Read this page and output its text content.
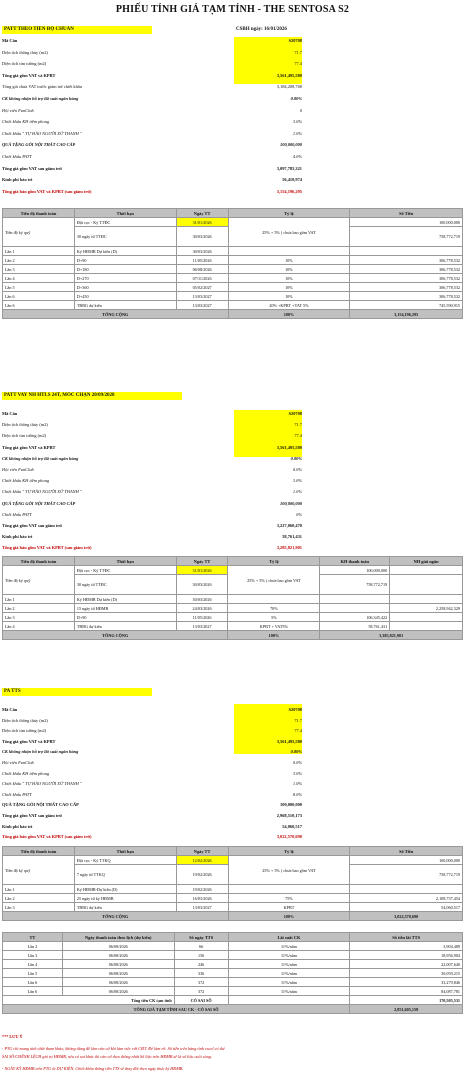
PHIẾU TÍNH GIÁ TẠM TÍNH - THE SENTOSA S2
PATT THEO TIẾN ĐỘ CHUẨN	CSBH ngày: 16/01/2026
Mã Căn	S20708
Diện tích thông thủy (m2)	71.7
Diện tích tim tường (m2)	77.4
Tổng giá gồm VAT và KPBT	3,561,495,580
Tổng giá chưa VAT trước giảm trừ chiết khấu	3,184,208,768
CK không nhận hỗ trợ lãi suất ngân hàng	0.80%
Hội viên FunClub	0
Chiết khấu KH tiềm phong	3.0%
Chiết khấu " TỰ HÀO NGƯỜI XỨ THANH "	1.0%
QUÀ TẶNG GÓI NỘI THẤT CAO CẤP	100,000,000
Chiết khấu PATT	4.0%
Tổng giá gồm VAT sau giảm trừ	3,097,785,321
Kinh phí bảo trì	56,410,974
Tổng giá bán gồm VAT và KPBT (sau giảm trừ)	3,154,196,295
Tiến độ thanh toán	Thời hạn	Ngày TT	Tỷ lệ	Số Tiền
Tiền độ ký quỹ	Đặt cọc - Ký TTĐC	31/01/2026	25% + 5% ( chưa bao gồm VAT	100,000,000
	30 ngày từ TTĐC	30/03/2026		758,772,719
Lần 1	Ký HĐMB Dự kiến (D)	30/03/2026		
Lần 2	D+90	11/05/2026	10%	306,778,532
Lần 3	D+180	06/08/2026	10%	306,778,532
Lần 4	D+270	07/11/2026	10%	306,778,532
Lần 5	D+360	05/02/2027	10%	306,778,532
Lần 6	D+450	13/03/2027	10%	306,778,532
Lần 6	TBBG dự kiến	13/03/2027	20% +KPBT +VAT 5%	745,590,915
TỔNG CỘNG			100%	3,154,196,295
PATT VAY NH HTLS 24T, MỐC CHẶN 20/09/2028
Mã Căn	S20708
Diện tích thông thủy (m2)	71.7
Diện tích tim tường (m2)	77.4
Tổng giá gồm VAT và KPBT	3,561,495,580
CK không nhận hỗ trợ lãi suất ngân hàng	0.80%
Hội viên FunClub	0.0%
Chiết khấu KH tiềm phong	3.0%
Chiết khấu " TỰ HÀO NGƯỜI XỨ THANH "	1.0%
QUÀ TẶNG GÓI NỘI THẤT CAO CẤP	100,000,000
Chiết khấu PATT	0%
Tổng giá gồm VAT sau giảm trừ	3,227,060,470
Kinh phí bảo trì	58,761,431
Tổng giá bán gồm VAT và KPBT (sau giảm trừ)	3,285,821,901
Tiến độ thanh toán	Thời hạn	Ngày TT	Tỷ lệ	KH thanh toán	NH giải ngân
Tiền độ ký quỹ	Đặt cọc - Ký TTĐC	31/01/2026	25% + 5% ( chưa bao gồm VAT	100,000,000	
	30 ngày từ TTĐC	30/03/2026		758,772,719	
Lần 1	Ký HĐMB Dự kiến (D)	30/03/2026			
Lần 2	15 ngày từ HĐMB	24/03/2026	70%		2,258,942,329
Lần 3	D+90	11/05/2026	5%	106,345,422	
Lần 4	TBBG dự kiến	13/03/2027	KPBT + VAT5%	58,761,431	
TỔNG CỘNG			100%	3,385,821,901	
PA TTS
Mã Căn	S20708
Diện tích thông thủy (m2)	71.7
Diện tích tim tường (m2)	77.4
Tổng giá gồm VAT và KPBT	3,561,495,580
CK không nhận hỗ trợ lãi suất ngân hàng	0.80%
Hội viên FunClub	0.0%
Chiết khấu KH tiềm phong	3.0%
Chiết khấu " TỰ HÀO NGƯỜI XỨ THANH "	1.0%
Chiết khấu PATT	8.0%
QUÀ TẶNG GÓI NỘI THẤT CAO CẤP	100,000,000
Tổng giá gồm VAT sau giảm trừ	2,968,510,173
Kinh phí bảo trì	54,060,517
Tổng giá bán gồm VAT và KPBT (sau giảm trừ)	3,022,570,690
Tiến độ thanh toán	Thời hạn	Ngày TT	Tỷ lệ	Số Tiền
Tiền độ ký quỹ	Đặt cọc - Ký TTKQ	12/02/2026	25% + 5% ( chưa bao gồm VAT	100,000,000
	7 ngày từ TTKQ	19/02/2026		758,772,719
Lần 1	Ký HĐMB-Dự kiến (D)	19/02/2026		
Lần 2	25 ngày từ ký HĐMB	16/03/2026	75%	2,108,737,454
Lần 3	TBBG dự kiến	13/03/2027	KPBT	54,060,517
TỔNG CỘNG			100%	3,022,570,690
TT	Ngày thanh toán theo lịch (dự kiến)	Số ngày TTS	Lãi suất CK	Số tiền lãi TTS
Lần 2	06/08/2026	66	11%/năm	3,904,489
Lần 3	06/08/2026	156	11%/năm	18,956,904
Lần 4	06/08/2026	246	11%/năm	22,007,640
Lần 5	06/08/2026	336	11%/năm	30,059,215
Lần 6	06/08/2026	372	11%/năm	33,279,846
Lần 6	06/08/2026	372	11%/năm	84,087,781
Tổng tiền CK tạm tính		CÓ SAI SỐ		170,505,531
TỔNG GIÁ TẠM TÍNH SAU CK - CÓ SAI SỐ				2,851,605,158
*** LƯU Ý
- PTG chỉ mang tính chất tham khảo, không dùng để làm căn cứ khi làm việc với CĐT. Để làm rõ: Số tiền trên bảng tính excel có thể
SAI SỐ/CHÊNH LỆCH giá trị HĐMB, nếu có sai khác thì căn cứ theo thông nhất Số liệu trên HĐMB sẽ là số liệu cuối cùng.
- NGÀY KÝ HĐMB trên PTG là DỰ KIẾN. Chiết khấu thông tiền TTS sẽ thay đổi theo ngày thực ký HĐMB.
